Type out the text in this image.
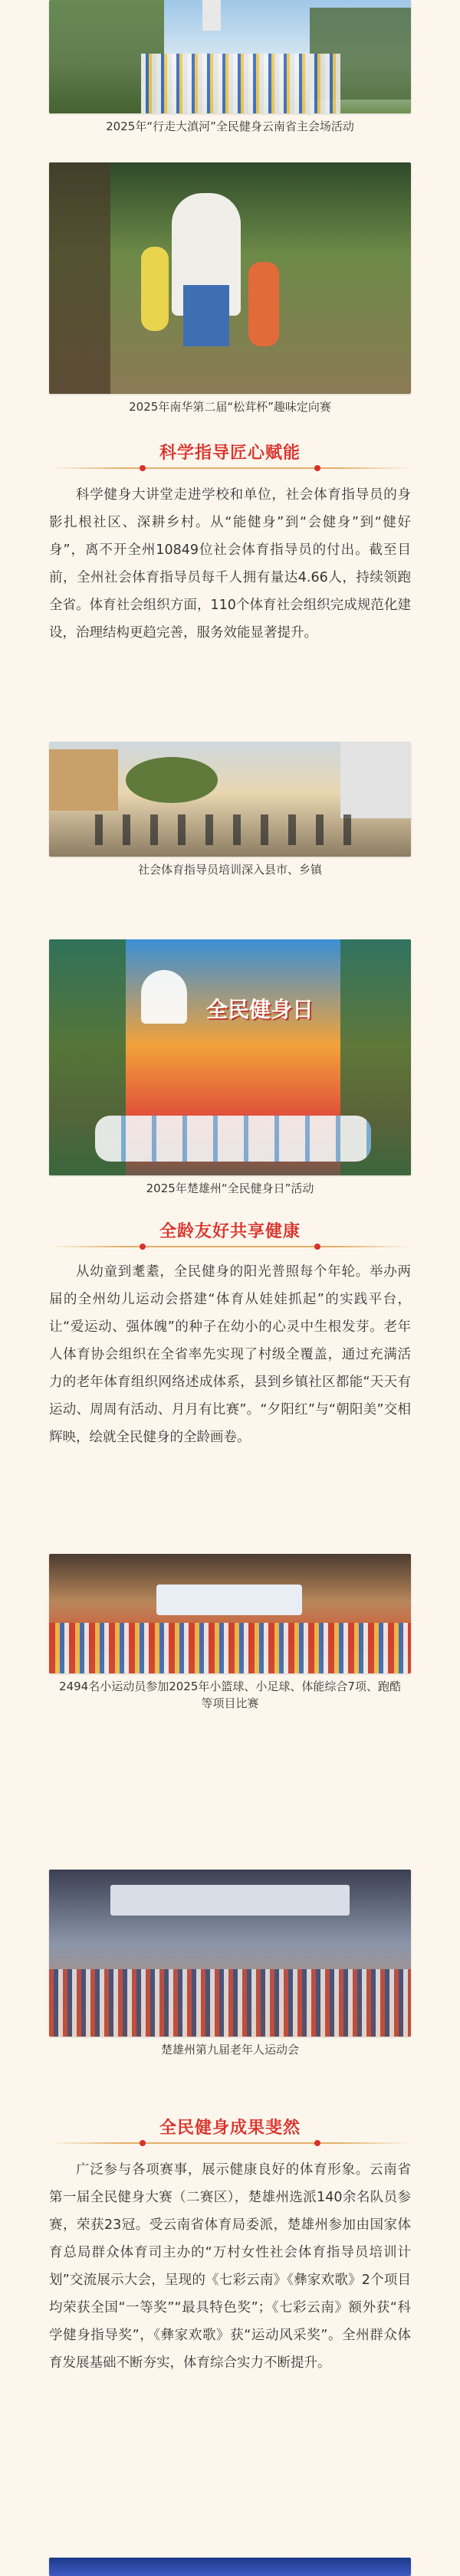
2025年“行走大滇河”全民健身云南省主会场活动
2025年南华第二届“松茸杯”趣味定向赛
科学指导匠心赋能

科学健身大讲堂走进学校和单位，社会体育指导员的身影扎根社区、深耕乡村。从“能健身”到“会健身”到“健好身”，离不开全州10849位社会体育指导员的付出。截至目前，全州社会体育指导员每千人拥有量达4.66人，持续领跑全省。体育社会组织方面，110个体育社会组织完成规范化建设，治理结构更趋完善，服务效能显著提升。

社会体育指导员培训深入县市、乡镇
全民健身日
2025年楚雄州“全民健身日”活动
全龄友好共享健康

从幼童到耄耋，全民健身的阳光普照每个年轮。举办两届的全州幼儿运动会搭建“体育从娃娃抓起”的实践平台，让“爱运动、强体魄”的种子在幼小的心灵中生根发芽。老年人体育协会组织在全省率先实现了村级全覆盖，通过充满活力的老年体育组织网络述成体系，县到乡镇社区都能“天天有运动、周周有活动、月月有比赛”。“夕阳红”与“朝阳美”交相辉映，绘就全民健身的全龄画卷。

2494名小运动员参加2025年小篮球、小足球、体能综合7项、跑酷等项目比赛
楚雄州第九届老年人运动会
全民健身成果斐然

广泛参与各项赛事，展示健康良好的体育形象。云南省第一届全民健身大赛（二赛区），楚雄州选派140余名队员参赛，荣获23冠。受云南省体育局委派，楚雄州参加由国家体育总局群众体育司主办的“万村女性社会体育指导员培训计划”交流展示大会，呈现的《七彩云南》《彝家欢歌》2个项目均荣获全国“一等奖”“最具特色奖”；《七彩云南》额外获“科学健身指导奖”，《彝家欢歌》获“运动风采奖”。全州群众体育发展基础不断夯实，体育综合实力不断提升。
